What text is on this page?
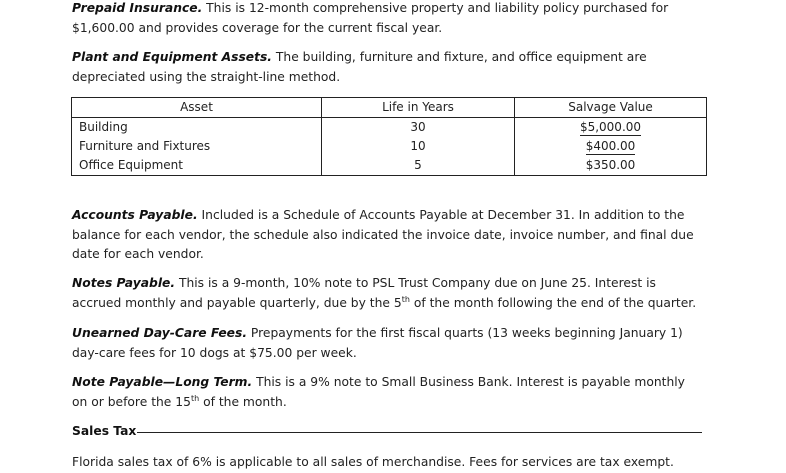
Prepaid Insurance. This is 12-month comprehensive property and liability policy purchased for $1,600.00 and provides coverage for the current fiscal year.

Plant and Equipment Assets. The building, furniture and fixture, and office equipment are depreciated using the straight-line method.

Asset	Life in Years	Salvage Value
Building	30	$5,000.00
Furniture and Fixtures	10	$400.00
Office Equipment	5	$350.00

Accounts Payable. Included is a Schedule of Accounts Payable at December 31. In addition to the balance for each vendor, the schedule also indicated the invoice date, invoice number, and final due date for each vendor.

Notes Payable. This is a 9-month, 10% note to PSL Trust Company due on June 25. Interest is accrued monthly and payable quarterly, due by the 5th of the month following the end of the quarter.

Unearned Day-Care Fees. Prepayments for the first fiscal quarts (13 weeks beginning January 1) day-care fees for 10 dogs at $75.00 per week.

Note Payable—Long Term. This is a 9% note to Small Business Bank. Interest is payable monthly on or before the 15th of the month.

Sales Tax

Florida sales tax of 6% is applicable to all sales of merchandise. Fees for services are tax exempt.
